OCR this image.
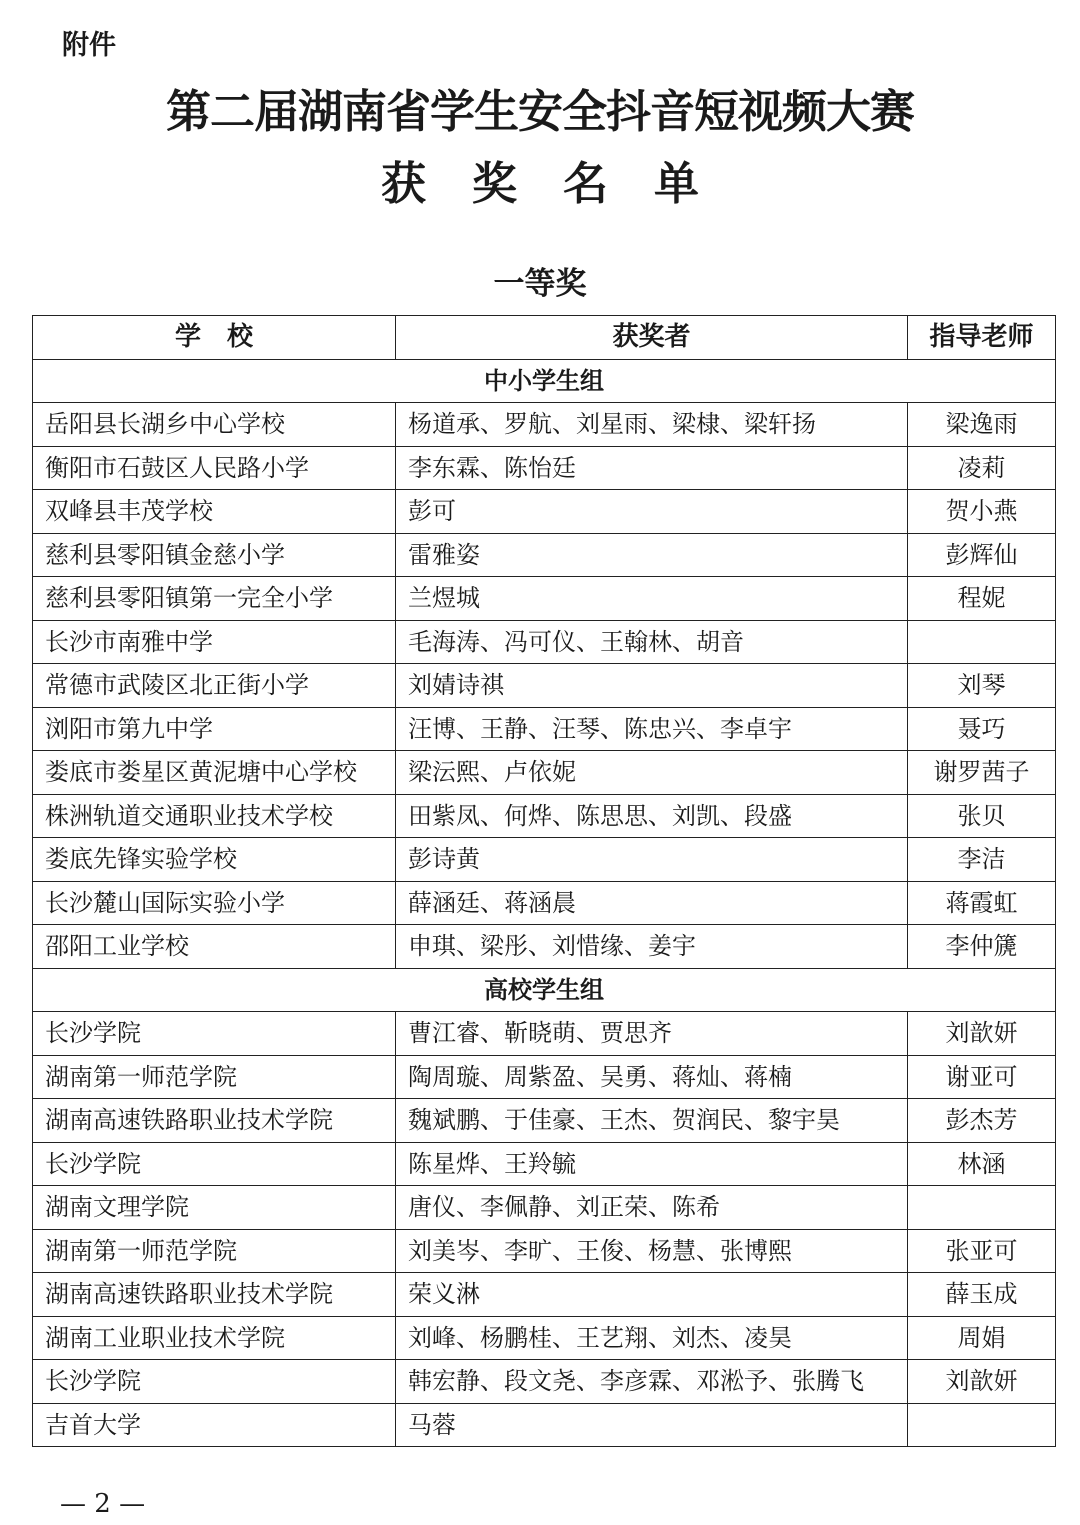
附件
第二届湖南省学生安全抖音短视频大赛
获 奖 名 单
一等奖
学　校	获奖者	指导老师
中小学生组		
岳阳县长湖乡中心学校	杨道承、罗航、刘星雨、梁棣、梁轩扬	梁逸雨
衡阳市石鼓区人民路小学	李东霖、陈怡廷	凌莉
双峰县丰茂学校	彭可	贺小燕
慈利县零阳镇金慈小学	雷雅姿	彭辉仙
慈利县零阳镇第一完全小学	兰煜城	程妮
长沙市南雅中学	毛海涛、冯可仪、王翰林、胡音	
常德市武陵区北正街小学	刘婧诗祺	刘琴
浏阳市第九中学	汪博、王静、汪琴、陈忠兴、李卓宇	聂巧
娄底市娄星区黄泥塘中心学校	梁沄熙、卢依妮	谢罗茜子
株洲轨道交通职业技术学校	田紫凤、何烨、陈思思、刘凯、段盛	张贝
娄底先锋实验学校	彭诗黄	李洁
长沙麓山国际实验小学	薛涵廷、蒋涵晨	蒋霞虹
邵阳工业学校	申琪、梁彤、刘惜缘、姜宇	李仲篪
高校学生组		
长沙学院	曹江睿、靳晓萌、贾思齐	刘歆妍
湖南第一师范学院	陶周璇、周紫盈、吴勇、蒋灿、蒋楠	谢亚可
湖南高速铁路职业技术学院	魏斌鹏、于佳豪、王杰、贺润民、黎宇昊	彭杰芳
长沙学院	陈星烨、王羚毓	林涵
湖南文理学院	唐仪、李佩静、刘正荣、陈希	
湖南第一师范学院	刘美岑、李旷、王俊、杨慧、张博熙	张亚可
湖南高速铁路职业技术学院	荣义淋	薛玉成
湖南工业职业技术学院	刘峰、杨鹏桂、王艺翔、刘杰、凌昊	周娟
长沙学院	韩宏静、段文尧、李彦霖、邓淞予、张腾飞	刘歆妍
吉首大学	马蓉	
— 2 —
